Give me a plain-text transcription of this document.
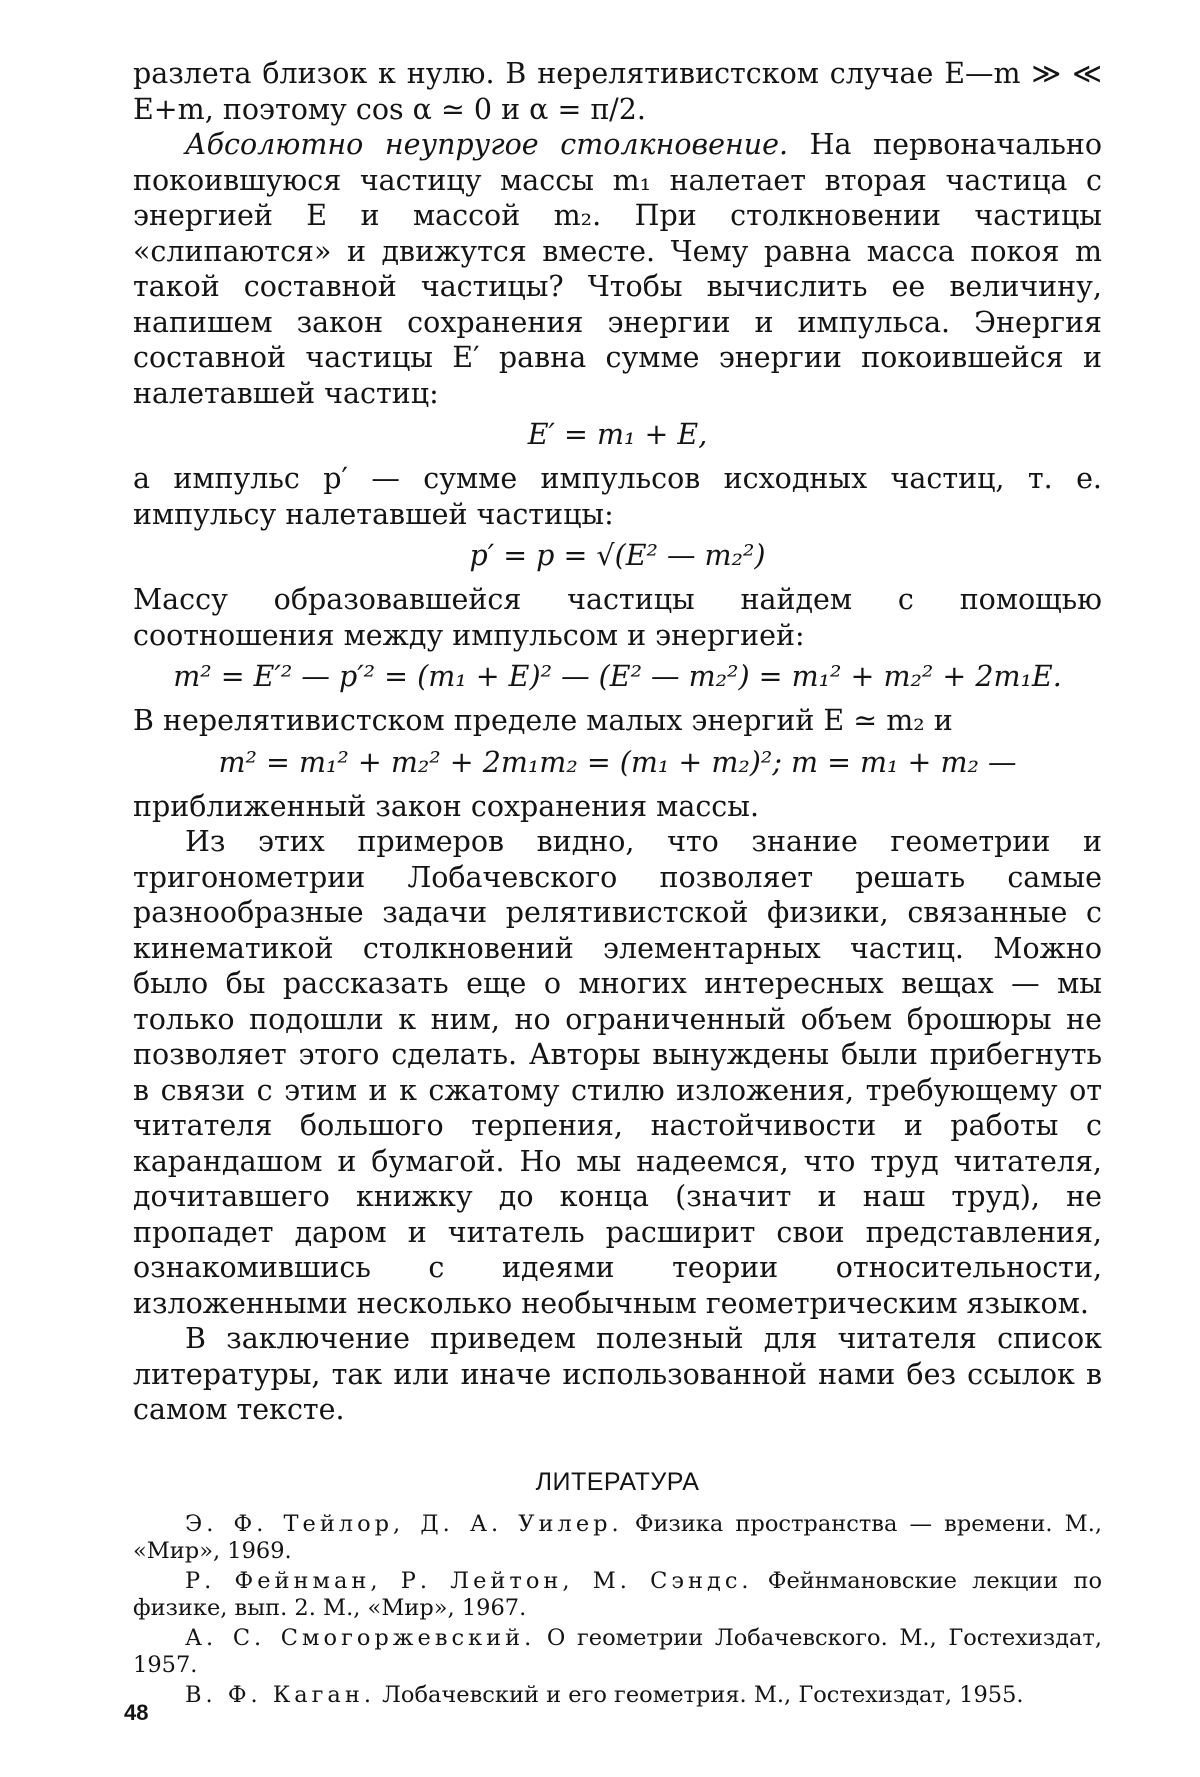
разлета близок к нулю. В нерелятивистском случае E—m ≫ ≪ E+m, поэтому cos α ≃ 0 и α = π/2.

Абсолютно неупругое столкновение. На первоначально покоившуюся частицу массы m₁ налетает вторая частица с энергией E и массой m₂. При столкновении частицы «слипаются» и движутся вместе. Чему равна масса покоя m такой составной частицы? Чтобы вычислить ее величину, напишем закон сохранения энергии и импульса. Энергия составной частицы E′ равна сумме энергии покоившейся и налетавшей частиц:

E′ = m₁ + E,

а импульс p′ — сумме импульсов исходных частиц, т. е. импульсу налетавшей частицы:

p′ = p = √(E² — m₂²)

Массу образовавшейся частицы найдем с помощью соотношения между импульсом и энергией:

m² = E′² — p′² = (m₁ + E)² — (E² — m₂²) = m₁² + m₂² + 2m₁E.

В нерелятивистском пределе малых энергий E ≃ m₂ и

m² = m₁² + m₂² + 2m₁m₂ = (m₁ + m₂)²; m = m₁ + m₂ —

приближенный закон сохранения массы.

Из этих примеров видно, что знание геометрии и тригонометрии Лобачевского позволяет решать самые разнообразные задачи релятивистской физики, связанные с кинематикой столкновений элементарных частиц. Можно было бы рассказать еще о многих интересных вещах — мы только подошли к ним, но ограниченный объем брошюры не позволяет этого сделать. Авторы вынуждены были прибегнуть в связи с этим и к сжатому стилю изложения, требующему от читателя большого терпения, настойчивости и работы с карандашом и бумагой. Но мы надеемся, что труд читателя, дочитавшего книжку до конца (значит и наш труд), не пропадет даром и читатель расширит свои представления, ознакомившись с идеями теории относительности, изложенными несколько необычным геометрическим языком.

В заключение приведем полезный для читателя список литературы, так или иначе использованной нами без ссылок в самом тексте.

ЛИТЕРАТУРА

Э. Ф. Тейлор, Д. А. Уилер. Физика пространства — времени. М., «Мир», 1969.

Р. Фейнман, Р. Лейтон, М. Сэндс. Фейнмановские лекции по физике, вып. 2. М., «Мир», 1967.

А. С. Смогоржевский. О геометрии Лобачевского. М., Гостехиздат, 1957.

В. Ф. Каган. Лобачевский и его геометрия. М., Гостехиздат, 1955.

48
